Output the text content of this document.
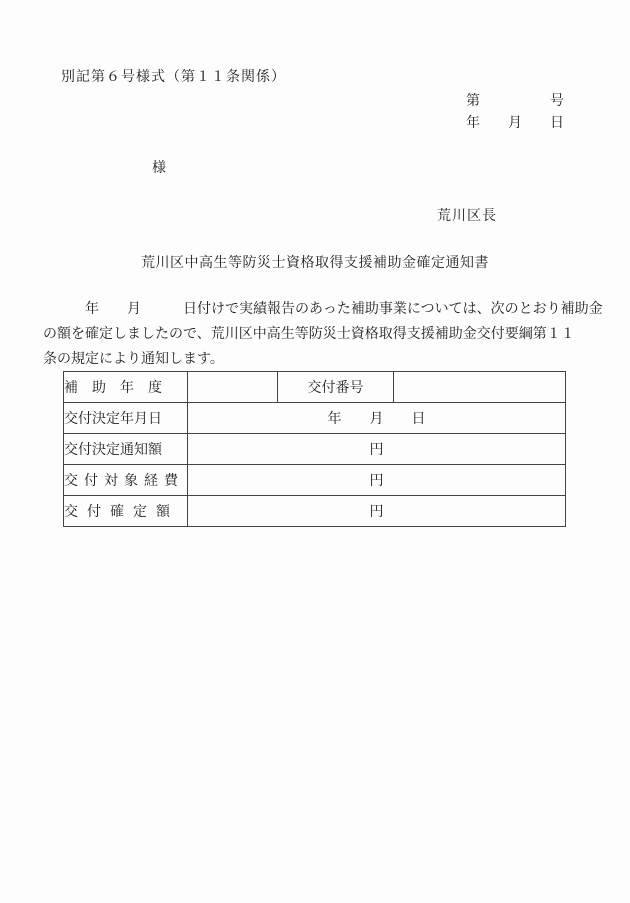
別記第６号様式（第１１条関係）
第　　　　　号
年　　月　　日
様
荒川区長
荒川区中高生等防災士資格取得支援補助金確定通知書
　　　年　　月　　　日付けで実績報告のあった補助事業については、次のとおり補助金
の額を確定しましたので、荒川区中高生等防災士資格取得支援補助金交付要綱第１１
条の規定により通知します。
補助年度		交付番号	
交付決定年月日	年　　月　　日		
交付決定通知額	円		
交付対象経費	円		
交付確定額	円		
